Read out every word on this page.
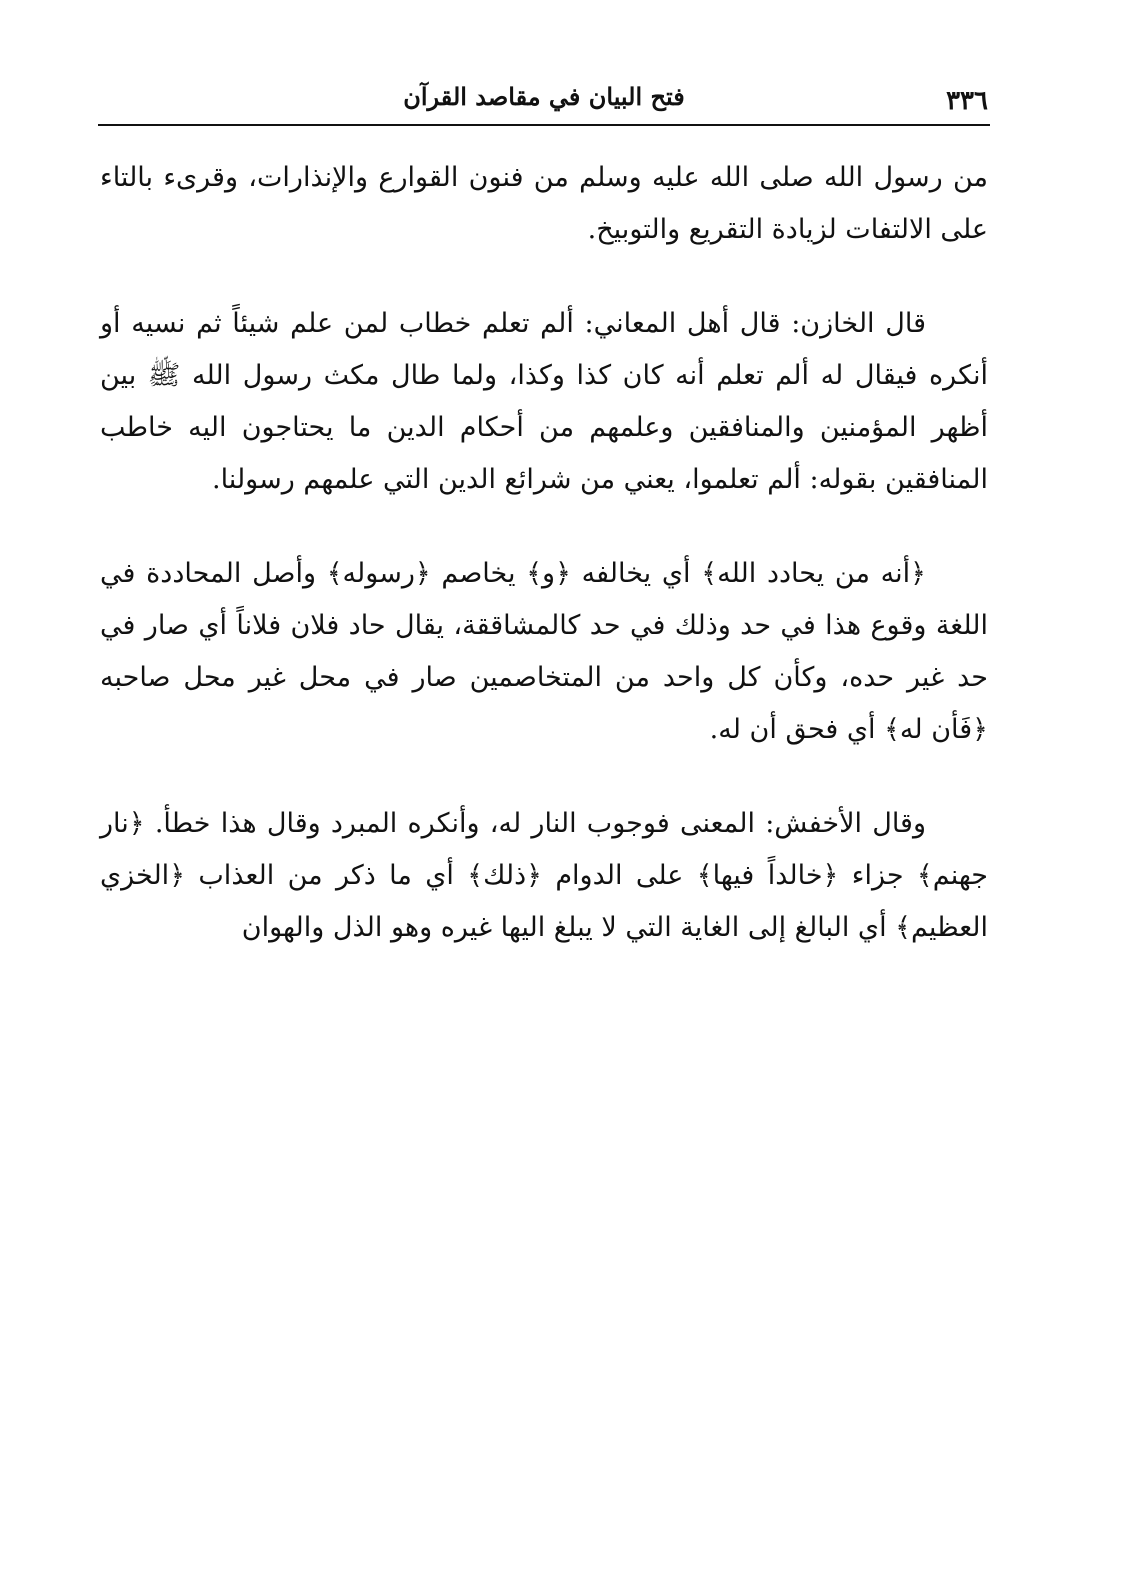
٣٣٦
فتح البيان في مقاصد القرآن

من رسول الله صلى الله عليه وسلم من فنون القوارع والإنذارات، وقرىء بالتاء على الالتفات لزيادة التقريع والتوبيخ.

قال الخازن: قال أهل المعاني: ألم تعلم خطاب لمن علم شيئاً ثم نسيه أو أنكره فيقال له ألم تعلم أنه كان كذا وكذا، ولما طال مكث رسول الله ﷺ بين أظهر المؤمنين والمنافقين وعلمهم من أحكام الدين ما يحتاجون اليه خاطب المنافقين بقوله: ألم تعلموا، يعني من شرائع الدين التي علمهم رسولنا.

﴿أنه من يحادد الله﴾ أي يخالفه ﴿و﴾ يخاصم ﴿رسوله﴾ وأصل المحاددة في اللغة وقوع هذا في حد وذلك في حد كالمشاققة، يقال حاد فلان فلاناً أي صار في حد غير حده، وكأن كل واحد من المتخاصمين صار في محل غير محل صاحبه ﴿فَأن له﴾ أي فحق أن له.

وقال الأخفش: المعنى فوجوب النار له، وأنكره المبرد وقال هذا خطأ. ﴿نار جهنم﴾ جزاء ﴿خالداً فيها﴾ على الدوام ﴿ذلك﴾ أي ما ذكر من العذاب ﴿الخزي العظيم﴾ أي البالغ إلى الغاية التي لا يبلغ اليها غيره وهو الذل والهوان
